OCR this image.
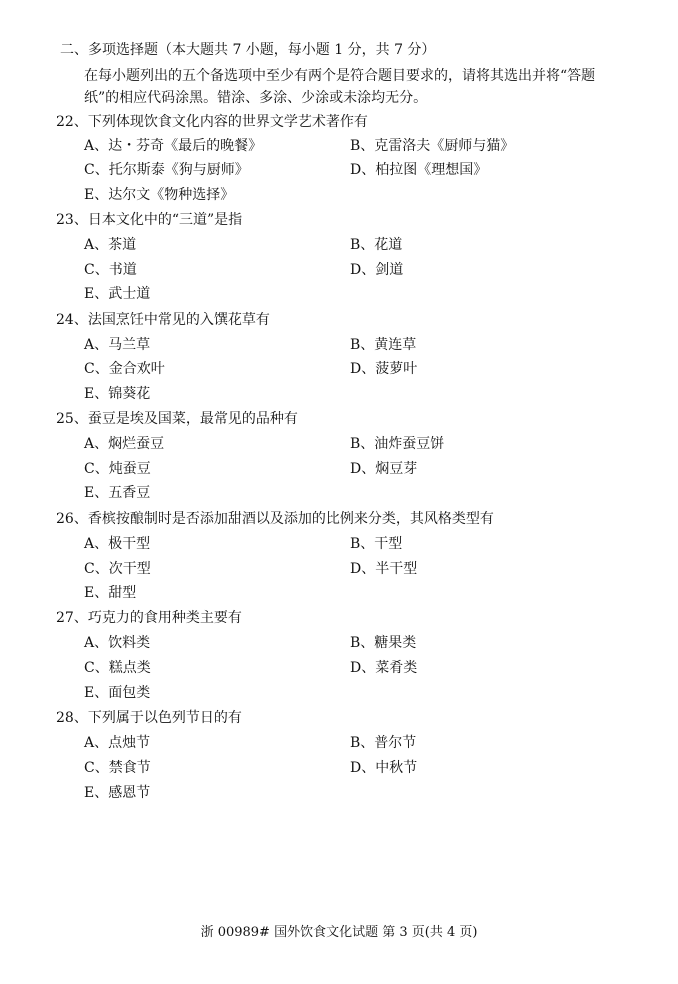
二、多项选择题（本大题共 7 小题，每小题 1 分，共 7 分）
在每小题列出的五个备选项中至少有两个是符合题目要求的，请将其选出并将“答题
纸”的相应代码涂黑。错涂、多涂、少涂或未涂均无分。
22、下列体现饮食文化内容的世界文学艺术著作有
A、达・芬奇《最后的晚餐》	B、克雷洛夫《厨师与猫》
C、托尔斯泰《狗与厨师》	D、柏拉图《理想国》
E、达尔文《物种选择》
23、日本文化中的“三道”是指
A、茶道	B、花道
C、书道	D、剑道
E、武士道
24、法国烹饪中常见的入馔花草有
A、马兰草	B、黄连草
C、金合欢叶	D、菠萝叶
E、锦葵花
25、蚕豆是埃及国菜，最常见的品种有
A、焖烂蚕豆	B、油炸蚕豆饼
C、炖蚕豆	D、焖豆芽
E、五香豆
26、香槟按酿制时是否添加甜酒以及添加的比例来分类，其风格类型有
A、极干型	B、干型
C、次干型	D、半干型
E、甜型
27、巧克力的食用种类主要有
A、饮料类	B、糖果类
C、糕点类	D、菜肴类
E、面包类
28、下列属于以色列节日的有
A、点烛节	B、普尔节
C、禁食节	D、中秋节
E、感恩节
浙 00989# 国外饮食文化试题 第 3 页(共 4 页)
